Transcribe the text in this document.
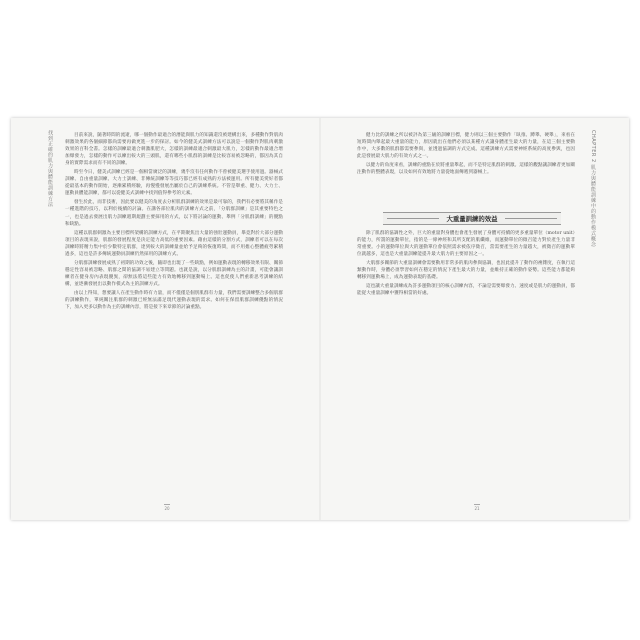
找到正確的肌力與體能訓練方法	目前來說，隨著時間的流逝，哪一個動作最適合的潛能與肌力的知識還沒被建構出來，多種動作對肌肉刺激效果的各個細節都尚需要再做更進一步的探討。如今的健美式訓練方法可以說是一個動作對肌肉刺激效果的百科全書。怎樣的訓練最適合刺激肌肥大，怎樣的訓練最適合刺激最大肌力，怎樣的動作最適合增加爆發力，怎樣的動作可以練出較大的三頭肌，還有哪些小肌群的訓練是比較容易被忽略的，都因為其自身的實際需求而有不同的訓練。

時至今日，健美式訓練已經是一個相當廣泛的訓練，幾乎沒有任何動作不曾被健美選手使用過。器械式訓練、自由重量訓練、大力士訓練、非傳統訓練等等技巧都已經有成熟的方法被運用。所有健美愛好者都從最基本的動作開始，逐漸累積經驗，再慢慢發展出屬於自己的訓練系統。不管是舉重、健力、大力士、運動員體能訓練，都可以從健美式訓練中找到值得參考的元素。

發生於此，而非技術，因此要以健美的角度去分析肌群訓練的效果是最可靠的，我們有必要將其稱作是一種進階的技巧，以利於後續的討論。在講各部位肌肉的訓練方式之前，「分肌群訓練」是其重要特色之一，也是過去發展出肌力訓練週期規劃主要採用的方式，以下將討論的運動、舉例「分肌群訓練」的優點和缺點。

這種以肌群刺激為主要目標所架構的訓練方式，在平期聚焦出大量的強壯運動員，畢竟對於大部分運動項目的表現來說，肌群的發展程度是決定能力高低的重要因素。藉由這樣的分割方式，訓練者可以在每次訓練時將精力集中於少數特定肌群，達到較大的訓練量並給予足夠的恢復時間，而不用擔心整體疲勞累積過多，這也是許多傳統運動員訓練仍然採用的訓練方式。

分肌群訓練發展成熟了初期的功效之後，隨即也出現了一些缺點，例如運動表現的轉移效果有限、關節穩定性容易被忽略、肌群之間的協調不易建立等問題。也就是說，以分肌群訓練為主的計畫，可能會讓訓練者在健身房內表現優異，卻無法將這些能力有效地轉移到運動場上。這也促使人們重新思考訓練的結構，並逐漸發展出以動作模式為主的訓練方式。

由以上得知，想要讓人在產生動作時有力量，而不僅僅是個別肌群有力量，我們需要訓練整合多個肌群的訓練動作，單純關注肌群的刺激已經無法滿足現代運動表現的需求。如何在保留肌群訓練優點的情況下，加入更多以動作為主的訓練內容，將是接下來章節的討論重點。

20
CHAPTER 2 肌力與體能訓練中的動作模式概念

健力比的訓練之所以被評為第三級的訓練目標，健力則以三個主要動作「臥推、蹲舉、硬舉」，來看在短時間內舉起最大重量的能力，原因就出在他們必須以某種方式讓身體產生最大的力量，在這三個主要動作中，大多數的肌群都需要參與，並透過協調的方式完成。這種訓練方式需要神經系統的高度參與，也因此是發展最大肌力的有效方式之一。

以健力的角度來看，訓練的重點在於將重量舉起，而不是特定肌群的刺激。這樣的觀點讓訓練者更加關注動作的整體表現，以及如何有效地將力量從地面傳遞到器械上。

大重量訓練的效益

除了肌群的協調性之外，巨大的重量對身體也會產生發展了身體可持續的更多重量單位（motor unit）的能力，所謂的運動單位，指的是一條神經和其所支配的肌纖維，而運動單位的徵召能力對於產生力量非常重要。小的運動單位與大的運動單位會依照需求被依序徵召，當需要產生的力量越大，被徵召的運動單位就越多，這也是大重量訓練能提升最大肌力的主要原因之一。

大肌群多關節的大重量訓練會需要動用非常多的肌肉參與協調，也因此提升了動作的複雜度，在執行這類動作時，身體必須學習如何在穩定的情況下產生最大的力量，並維持正確的動作姿勢。這些能力都能夠轉移到運動場上，成為運動表現的基礎。

這也讓大重量訓練成為許多運動項目的核心訓練內容，不論是需要爆發力、速度或是肌力的運動員，都能從大重量訓練中獲得相當的好處。

21
